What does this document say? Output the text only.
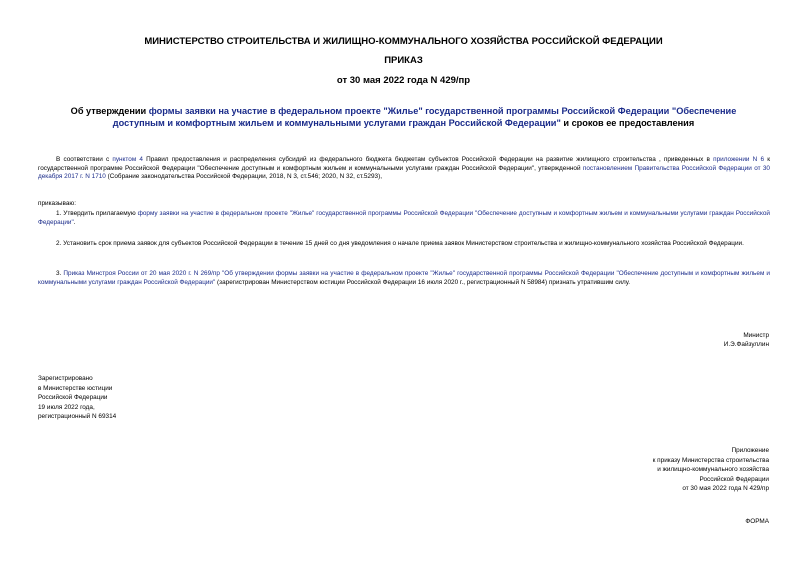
МИНИСТЕРСТВО СТРОИТЕЛЬСТВА И ЖИЛИЩНО-КОММУНАЛЬНОГО ХОЗЯЙСТВА РОССИЙСКОЙ ФЕДЕРАЦИИ
ПРИКАЗ
от 30 мая 2022 года N 429/пр
Об утверждении формы заявки на участие в федеральном проекте "Жилье" государственной программы Российской Федерации "Обеспечение доступным и комфортным жильем и коммунальными услугами граждан Российской Федерации" и сроков ее предоставления
В соответствии с пунктом 4 Правил предоставления и распределения субсидий из федерального бюджета бюджетам субъектов Российской Федерации на развитие жилищного строительства , приведенных в приложении N 6 к государственной программе Российской Федерации "Обеспечение доступным и комфортным жильем и коммунальными услугами граждан Российской Федерации", утвержденной постановлением Правительства Российской Федерации от 30 декабря 2017 г. N 1710 (Собрание законодательства Российской Федерации, 2018, N 3, ст.546; 2020, N 32, ст.5293),
приказываю:
1. Утвердить прилагаемую форму заявки на участие в федеральном проекте "Жилье" государственной программы Российской Федерации "Обеспечение доступным и комфортным жильем и коммунальными услугами граждан Российской Федерации".
2. Установить срок приема заявок для субъектов Российской Федерации в течение 15 дней со дня уведомления о начале приема заявок Министерством строительства и жилищно-коммунального хозяйства Российской Федерации.
3. Приказ Минстроя России от 20 мая 2020 г. N 269/пр "Об утверждении формы заявки на участие в федеральном проекте "Жилье" государственной программы Российской Федерации "Обеспечение доступным и комфортным жильем и коммунальными услугами граждан Российской Федерации" (зарегистрирован Министерством юстиции Российской Федерации 16 июля 2020 г., регистрационный N 58984) признать утратившим силу.
Министр
И.Э.Файзуллин
Зарегистрировано
в Министерстве юстиции
Российской Федерации
19 июля 2022 года,
регистрационный N 69314
Приложение
к приказу Министерства строительства
и жилищно-коммунального хозяйства
Российской Федерации
от 30 мая 2022 года N 429/пр
ФОРМА
